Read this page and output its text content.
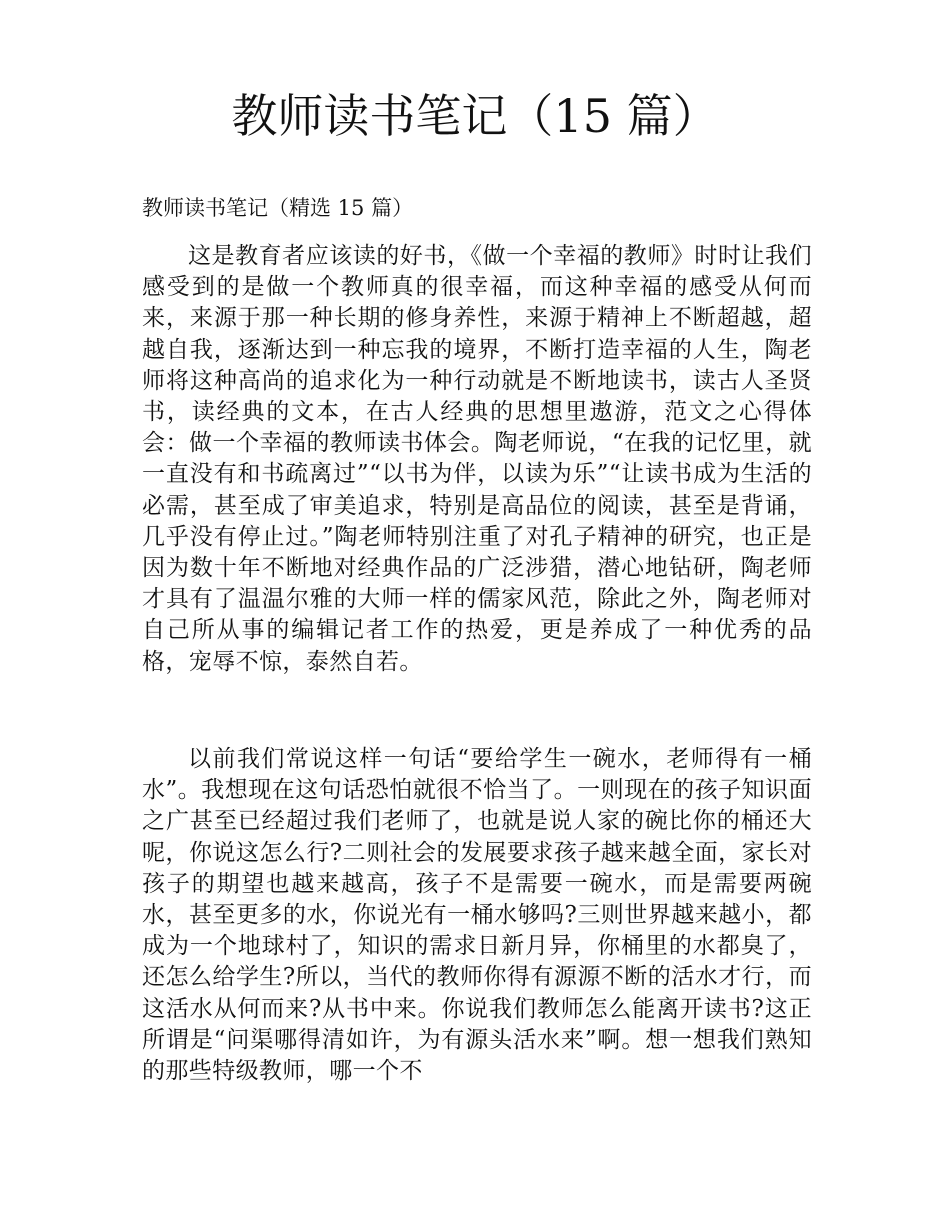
教师读书笔记（15 篇）

教师读书笔记（精选 15 篇）

这是教育者应该读的好书，《做一个幸福的教师》时时让我们感受到的是做一个教师真的很幸福，而这种幸福的感受从何而来，来源于那一种长期的修身养性，来源于精神上不断超越，超越自我，逐渐达到一种忘我的境界，不断打造幸福的人生，陶老师将这种高尚的追求化为一种行动就是不断地读书，读古人圣贤书，读经典的文本，在古人经典的思想里遨游，范文之心得体会：做一个幸福的教师读书体会。陶老师说，“在我的记忆里，就一直没有和书疏离过”“以书为伴，以读为乐”“让读书成为生活的必需，甚至成了审美追求，特别是高品位的阅读，甚至是背诵，几乎没有停止过。”陶老师特别注重了对孔子精神的研究，也正是因为数十年不断地对经典作品的广泛涉猎，潜心地钻研，陶老师才具有了温温尔雅的大师一样的儒家风范，除此之外，陶老师对自己所从事的编辑记者工作的热爱，更是养成了一种优秀的品格，宠辱不惊，泰然自若。

以前我们常说这样一句话“要给学生一碗水，老师得有一桶水”。我想现在这句话恐怕就很不恰当了。一则现在的孩子知识面之广甚至已经超过我们老师了，也就是说人家的碗比你的桶还大呢，你说这怎么行?二则社会的发展要求孩子越来越全面，家长对孩子的期望也越来越高，孩子不是需要一碗水，而是需要两碗水，甚至更多的水，你说光有一桶水够吗?三则世界越来越小，都成为一个地球村了，知识的需求日新月异，你桶里的水都臭了，还怎么给学生?所以，当代的教师你得有源源不断的活水才行，而这活水从何而来?从书中来。你说我们教师怎么能离开读书?这正所谓是“问渠哪得清如许，为有源头活水来”啊。想一想我们熟知的那些特级教师，哪一个不
